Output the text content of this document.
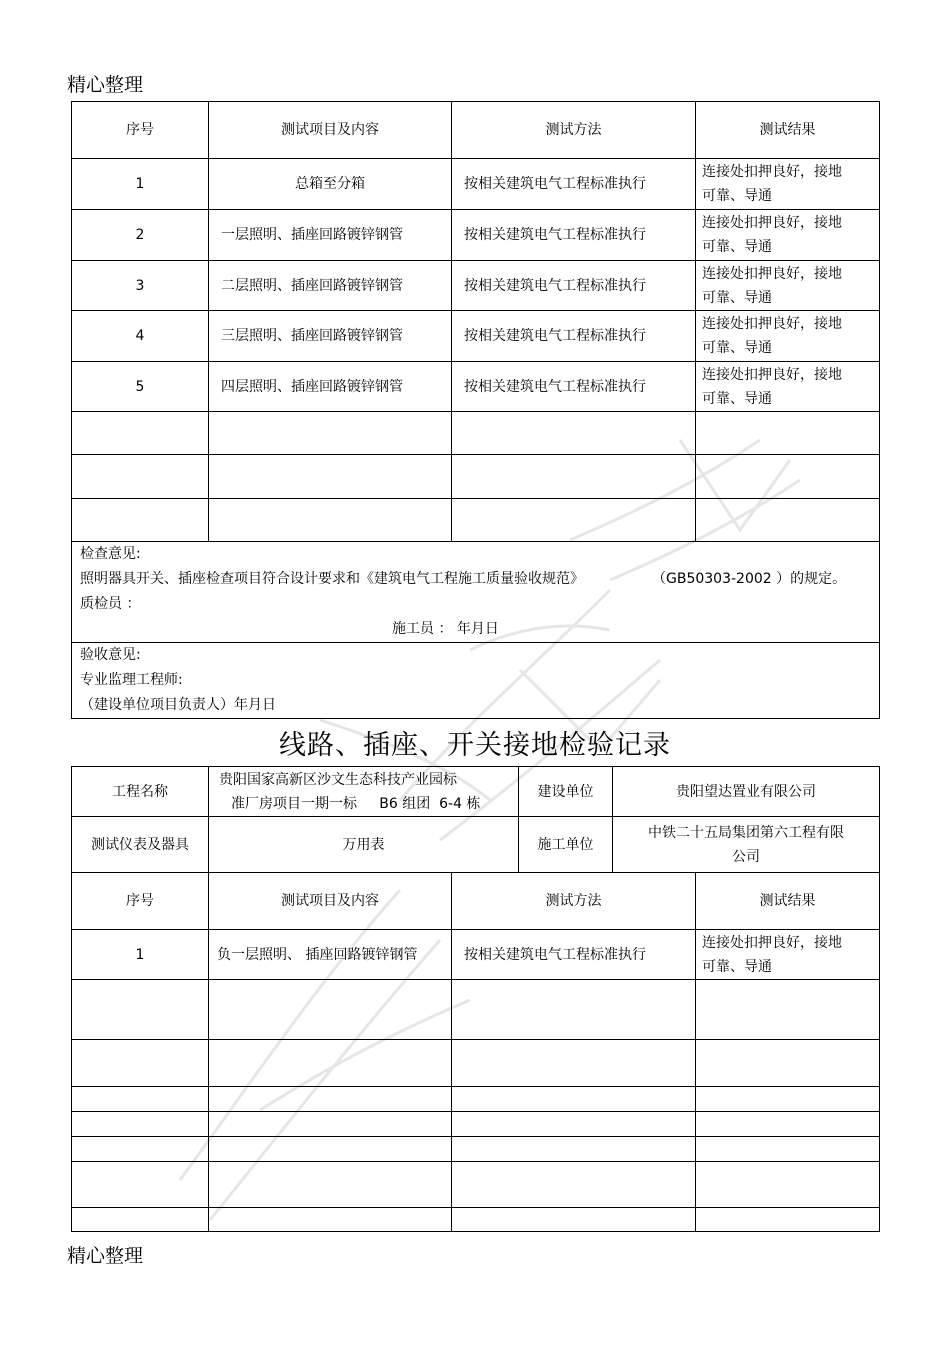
精心整理
序号	测试项目及内容	测试方法	测试结果
1	总箱至分箱	按相关建筑电气工程标准执行	连接处扣押良好，接地
可靠、导通
2	一层照明、插座回路镀锌钢管	按相关建筑电气工程标准执行	连接处扣押良好，接地
可靠、导通
3	二层照明、插座回路镀锌钢管	按相关建筑电气工程标准执行	连接处扣押良好，接地
可靠、导通
4	三层照明、插座回路镀锌钢管	按相关建筑电气工程标准执行	连接处扣押良好，接地
可靠、导通
5	四层照明、插座回路镀锌钢管	按相关建筑电气工程标准执行	连接处扣押良好，接地
可靠、导通

检查意见:
照明器具开关、插座检查项目符合设计要求和《建筑电气工程施工质量验收规范》 （GB50303-2002 ）的规定。
质检员 ：
施工员 ： 年月日			

验收意见:
专业监理工程师:
（建设单位项目负责人）年月日			
线路、插座、开关接地检验记录
工程名称	贵阳国家高新区沙文生态科技产业园标
准厂房项目一期一标     B6 组团  6-4 栋	建设单位	贵阳望达置业有限公司
测试仪表及器具	万用表	施工单位	中铁二十五局集团第六工程有限
公司
序号	测试项目及内容	测试方法	测试结果
1	负一层照明、 插座回路镀锌钢管	按相关建筑电气工程标准执行	连接处扣押良好，接地
可靠、导通

精心整理
